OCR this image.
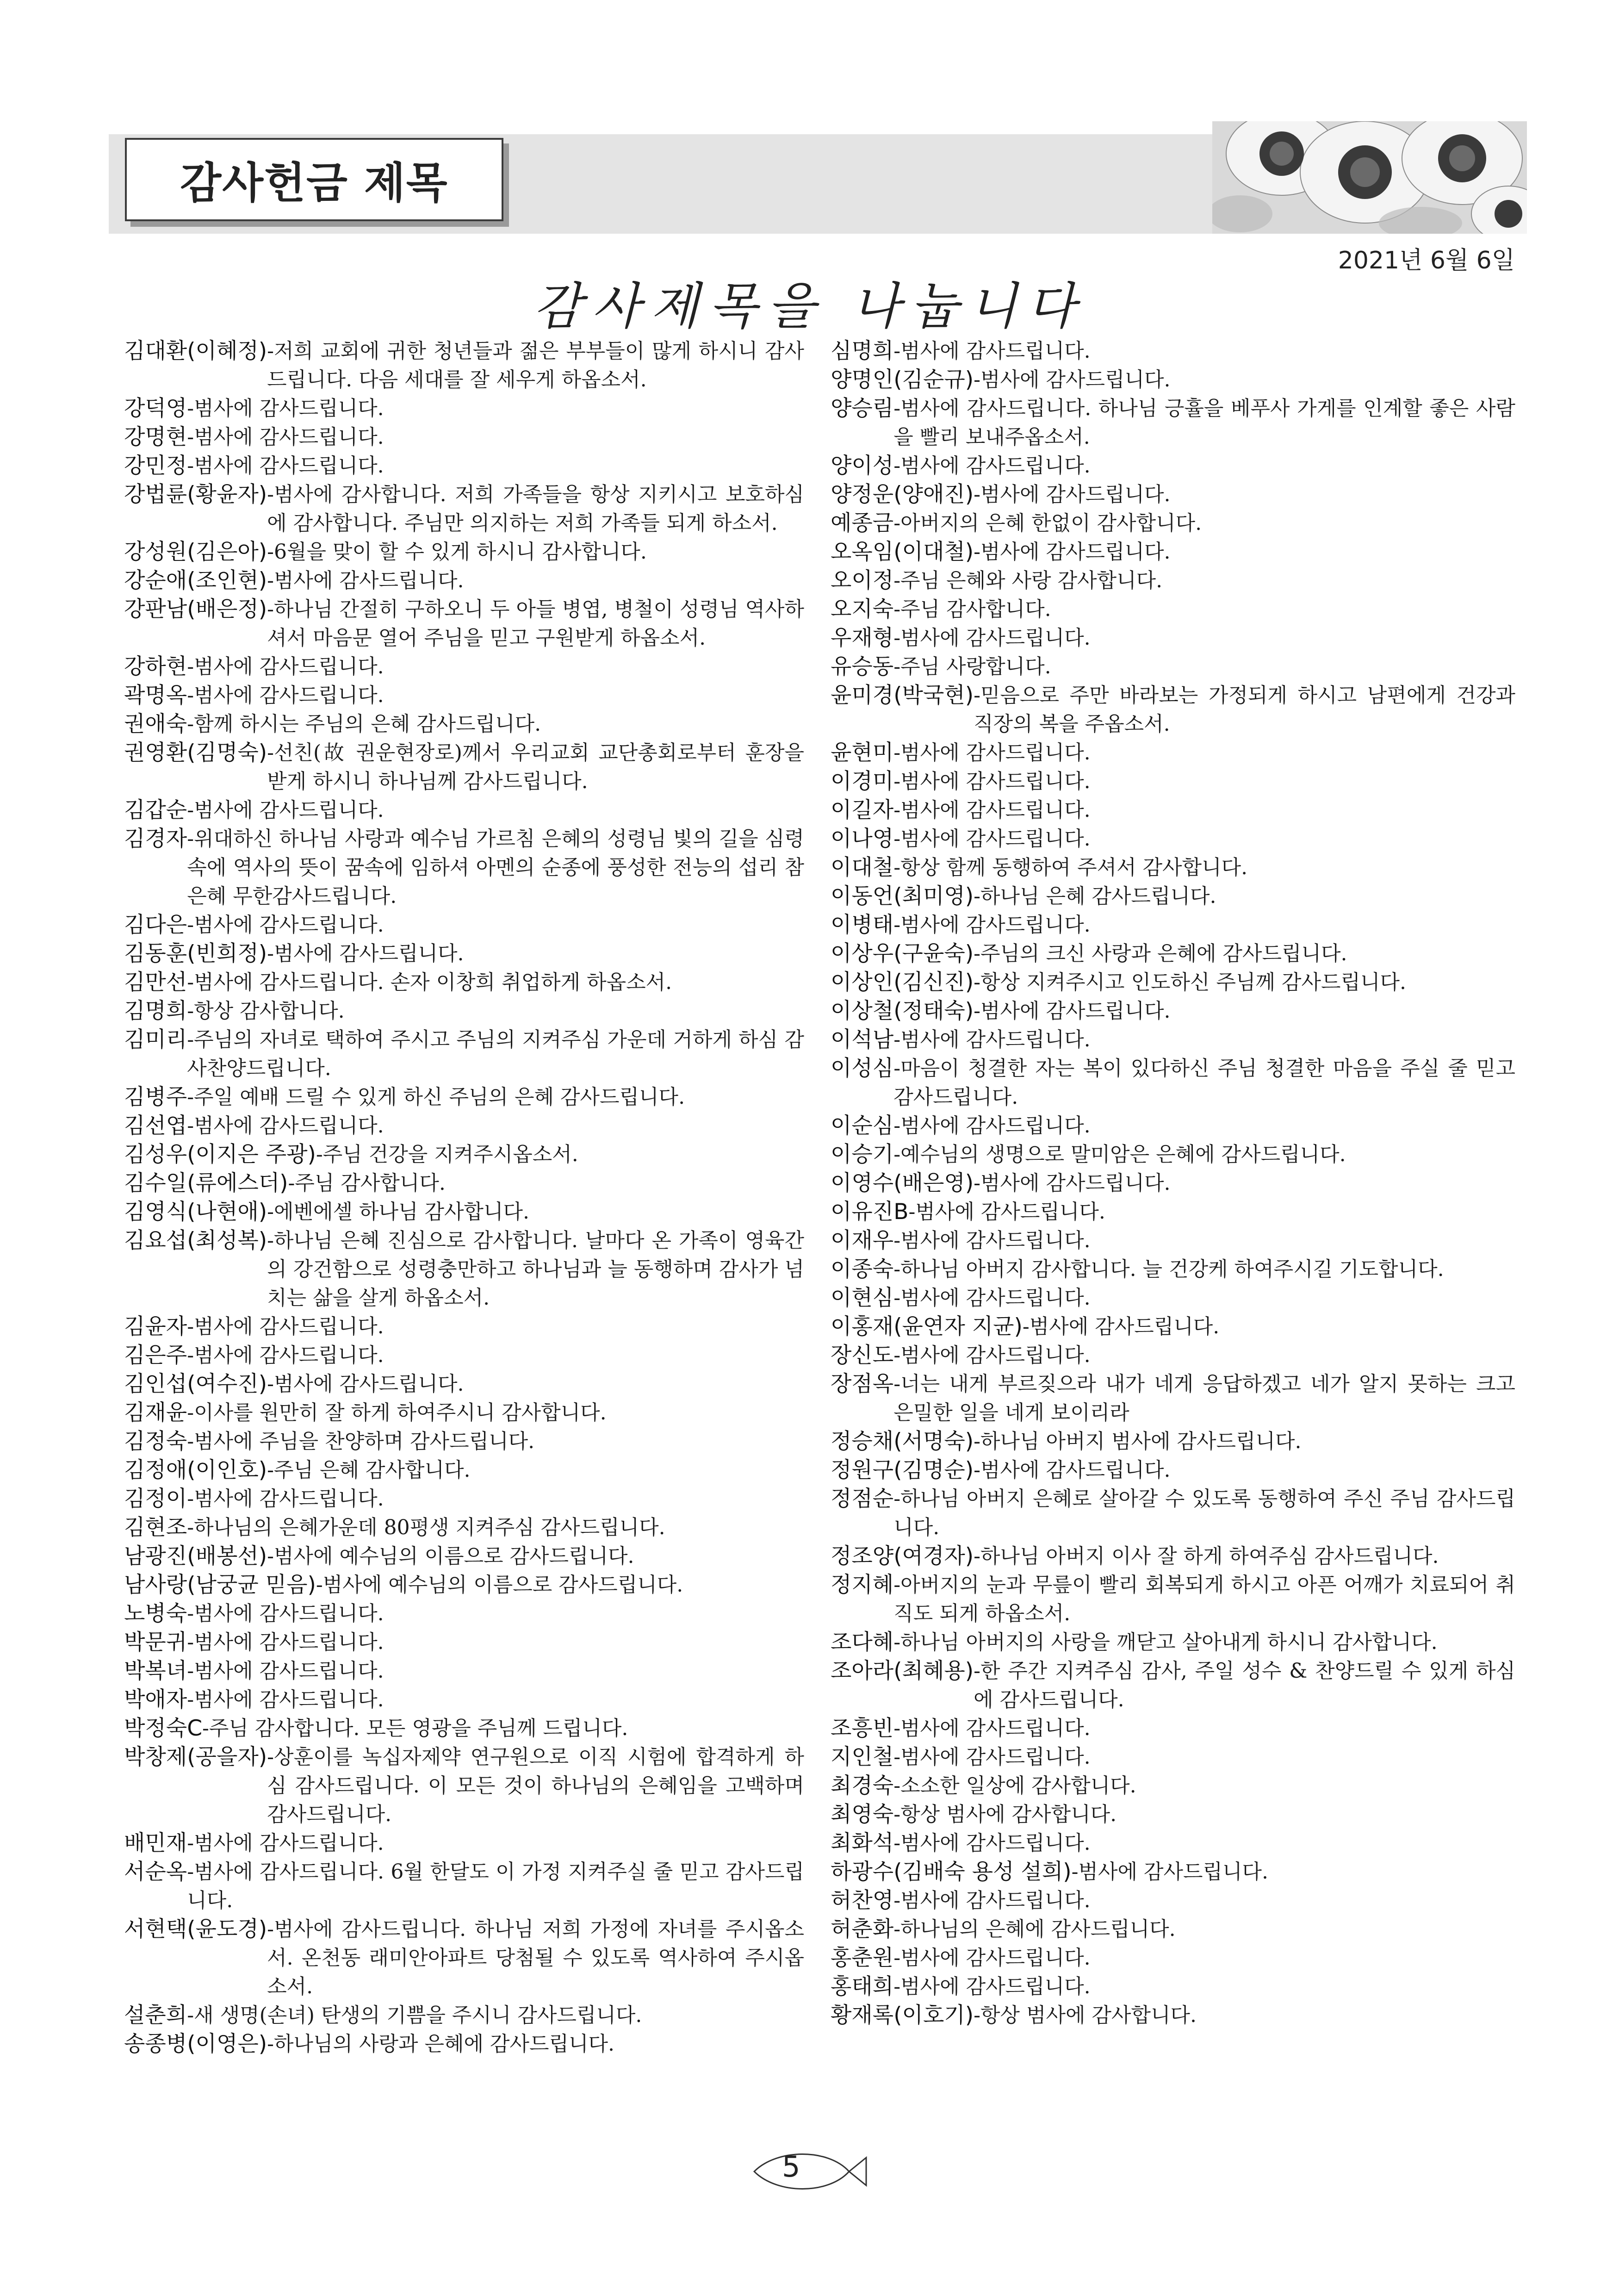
감사헌금 제목
2021년 6월 6일
감사제목을 나눕니다
김대환(이혜정) -저희 교회에 귀한 청년들과 젊은 부부들이 많게 하시니 감사드립니다. 다음 세대를 잘 세우게 하옵소서.
강덕영 -범사에 감사드립니다.
강명현 -범사에 감사드립니다.
강민정 -범사에 감사드립니다.
강법륜(황윤자) -범사에 감사합니다. 저희 가족들을 항상 지키시고 보호하심에 감사합니다. 주님만 의지하는 저희 가족들 되게 하소서.
강성원(김은아) -6월을 맞이 할 수 있게 하시니 감사합니다.
강순애(조인현) -범사에 감사드립니다.
강판남(배은정) -하나님 간절히 구하오니 두 아들 병엽, 병철이 성령님 역사하셔서 마음문 열어 주님을 믿고 구원받게 하옵소서.
강하현 -범사에 감사드립니다.
곽명옥 -범사에 감사드립니다.
권애숙 -함께 하시는 주님의 은혜 감사드립니다.
권영환(김명숙) -선친(故 권운현장로)께서 우리교회 교단총회로부터 훈장을 받게 하시니 하나님께 감사드립니다.
김갑순 -범사에 감사드립니다.
김경자 -위대하신 하나님 사랑과 예수님 가르침 은혜의 성령님 빛의 길을 심령속에 역사의 뜻이 꿈속에 임하셔 아멘의 순종에 풍성한 전능의 섭리 참은혜 무한감사드립니다.
김다은 -범사에 감사드립니다.
김동훈(빈희정) -범사에 감사드립니다.
김만선 -범사에 감사드립니다. 손자 이창희 취업하게 하옵소서.
김명희 -항상 감사합니다.
김미리 -주님의 자녀로 택하여 주시고 주님의 지켜주심 가운데 거하게 하심 감사찬양드립니다.
김병주 -주일 예배 드릴 수 있게 하신 주님의 은혜 감사드립니다.
김선엽 -범사에 감사드립니다.
김성우(이지은 주광) -주님 건강을 지켜주시옵소서.
김수일(류에스더) -주님 감사합니다.
김영식(나현애) -에벤에셀 하나님 감사합니다.
김요섭(최성복) -하나님 은혜 진심으로 감사합니다. 날마다 온 가족이 영육간의 강건함으로 성령충만하고 하나님과 늘 동행하며 감사가 넘치는 삶을 살게 하옵소서.
김윤자 -범사에 감사드립니다.
김은주 -범사에 감사드립니다.
김인섭(여수진) -범사에 감사드립니다.
김재윤 -이사를 원만히 잘 하게 하여주시니 감사합니다.
김정숙 -범사에 주님을 찬양하며 감사드립니다.
김정애(이인호) -주님 은혜 감사합니다.
김정이 -범사에 감사드립니다.
김현조 -하나님의 은혜가운데 80평생 지켜주심 감사드립니다.
남광진(배봉선) -범사에 예수님의 이름으로 감사드립니다.
남사랑(남궁균 믿음) -범사에 예수님의 이름으로 감사드립니다.
노병숙 -범사에 감사드립니다.
박문귀 -범사에 감사드립니다.
박복녀 -범사에 감사드립니다.
박애자 -범사에 감사드립니다.
박정숙C -주님 감사합니다. 모든 영광을 주님께 드립니다.
박창제(공을자) -상훈이를 녹십자제약 연구원으로 이직 시험에 합격하게 하심 감사드립니다. 이 모든 것이 하나님의 은혜임을 고백하며 감사드립니다.
배민재 -범사에 감사드립니다.
서순옥 -범사에 감사드립니다. 6월 한달도 이 가정 지켜주실 줄 믿고 감사드립니다.
서현택(윤도경) -범사에 감사드립니다. 하나님 저희 가정에 자녀를 주시옵소서. 온천동 래미안아파트 당첨될 수 있도록 역사하여 주시옵소서.
설춘희 -새 생명(손녀) 탄생의 기쁨을 주시니 감사드립니다.
송종병(이영은) -하나님의 사랑과 은혜에 감사드립니다.
심명희 -범사에 감사드립니다.
양명인(김순규) -범사에 감사드립니다.
양승림 -범사에 감사드립니다. 하나님 긍휼을 베푸사 가게를 인계할 좋은 사람을 빨리 보내주옵소서.
양이성 -범사에 감사드립니다.
양정운(양애진) -범사에 감사드립니다.
예종금 -아버지의 은혜 한없이 감사합니다.
오옥임(이대철) -범사에 감사드립니다.
오이정 -주님 은혜와 사랑 감사합니다.
오지숙 -주님 감사합니다.
우재형 -범사에 감사드립니다.
유승동 -주님 사랑합니다.
윤미경(박국현) -믿음으로 주만 바라보는 가정되게 하시고 남편에게 건강과 직장의 복을 주옵소서.
윤현미 -범사에 감사드립니다.
이경미 -범사에 감사드립니다.
이길자 -범사에 감사드립니다.
이나영 -범사에 감사드립니다.
이대철 -항상 함께 동행하여 주셔서 감사합니다.
이동언(최미영) -하나님 은혜 감사드립니다.
이병태 -범사에 감사드립니다.
이상우(구윤숙) -주님의 크신 사랑과 은혜에 감사드립니다.
이상인(김신진) -항상 지켜주시고 인도하신 주님께 감사드립니다.
이상철(정태숙) -범사에 감사드립니다.
이석남 -범사에 감사드립니다.
이성심 -마음이 청결한 자는 복이 있다하신 주님 청결한 마음을 주실 줄 믿고 감사드립니다.
이순심 -범사에 감사드립니다.
이승기 -예수님의 생명으로 말미암은 은혜에 감사드립니다.
이영수(배은영) -범사에 감사드립니다.
이유진B -범사에 감사드립니다.
이재우 -범사에 감사드립니다.
이종숙 -하나님 아버지 감사합니다. 늘 건강케 하여주시길 기도합니다.
이현심 -범사에 감사드립니다.
이홍재(윤연자 지균) -범사에 감사드립니다.
장신도 -범사에 감사드립니다.
장점옥 -너는 내게 부르짖으라 내가 네게 응답하겠고 네가 알지 못하는 크고 은밀한 일을 네게 보이리라
정승채(서명숙) -하나님 아버지 범사에 감사드립니다.
정원구(김명순) -범사에 감사드립니다.
정점순 -하나님 아버지 은혜로 살아갈 수 있도록 동행하여 주신 주님 감사드립니다.
정조양(여경자) -하나님 아버지 이사 잘 하게 하여주심 감사드립니다.
정지혜 -아버지의 눈과 무릎이 빨리 회복되게 하시고 아픈 어깨가 치료되어 취직도 되게 하옵소서.
조다혜 -하나님 아버지의 사랑을 깨닫고 살아내게 하시니 감사합니다.
조아라(최혜용) -한 주간 지켜주심 감사, 주일 성수 & 찬양드릴 수 있게 하심에 감사드립니다.
조흥빈 -범사에 감사드립니다.
지인철 -범사에 감사드립니다.
최경숙 -소소한 일상에 감사합니다.
최영숙 -항상 범사에 감사합니다.
최화석 -범사에 감사드립니다.
하광수(김배숙 용성 설희) -범사에 감사드립니다.
허찬영 -범사에 감사드립니다.
허춘화 -하나님의 은혜에 감사드립니다.
홍춘원 -범사에 감사드립니다.
홍태희 -범사에 감사드립니다.
황재록(이호기) -항상 범사에 감사합니다.
5
